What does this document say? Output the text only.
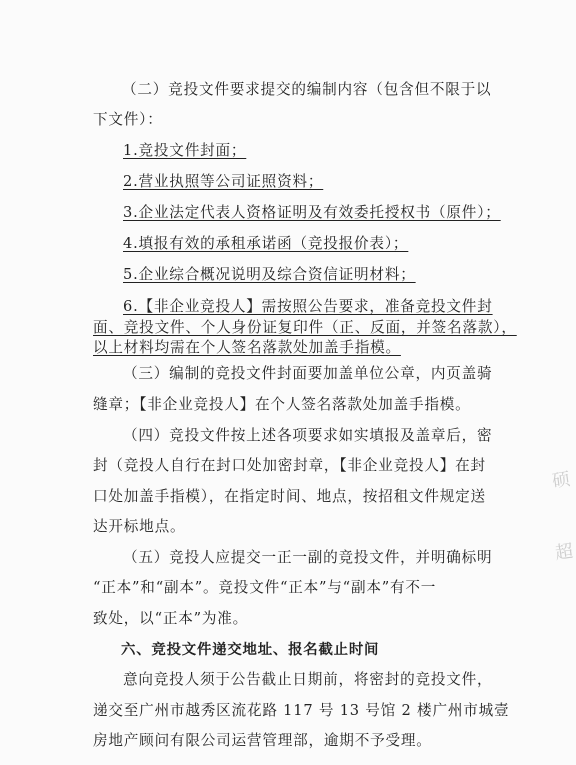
（二）竞投文件要求提交的编制内容（包含但不限于以
下文件）：
1.竞投文件封面；
2.营业执照等公司证照资料；
3.企业法定代表人资格证明及有效委托授权书（原件）；
4.填报有效的承租承诺函（竞投报价表）；
5.企业综合概况说明及综合资信证明材料；
6.【非企业竞投人】需按照公告要求，准备竞投文件封
面、竞投文件、个人身份证复印件（正、反面，并签名落款），
以上材料均需在个人签名落款处加盖手指模。
（三）编制的竞投文件封面要加盖单位公章，内页盖骑
缝章；【非企业竞投人】在个人签名落款处加盖手指模。
（四）竞投文件按上述各项要求如实填报及盖章后，密
封（竞投人自行在封口处加密封章，【非企业竞投人】在封
口处加盖手指模），在指定时间、地点，按招租文件规定送
达开标地点。
（五）竞投人应提交一正一副的竞投文件，并明确标明
“正本”和“副本”。竞投文件“正本”与“副本”有不一
致处，以“正本”为准。
六、竞投文件递交地址、报名截止时间
意向竞投人须于公告截止日期前，将密封的竞投文件，
递交至广州市越秀区流花路 117 号 13 号馆 2 楼广州市城壹
房地产顾问有限公司运营管理部，逾期不予受理。
硕
超
